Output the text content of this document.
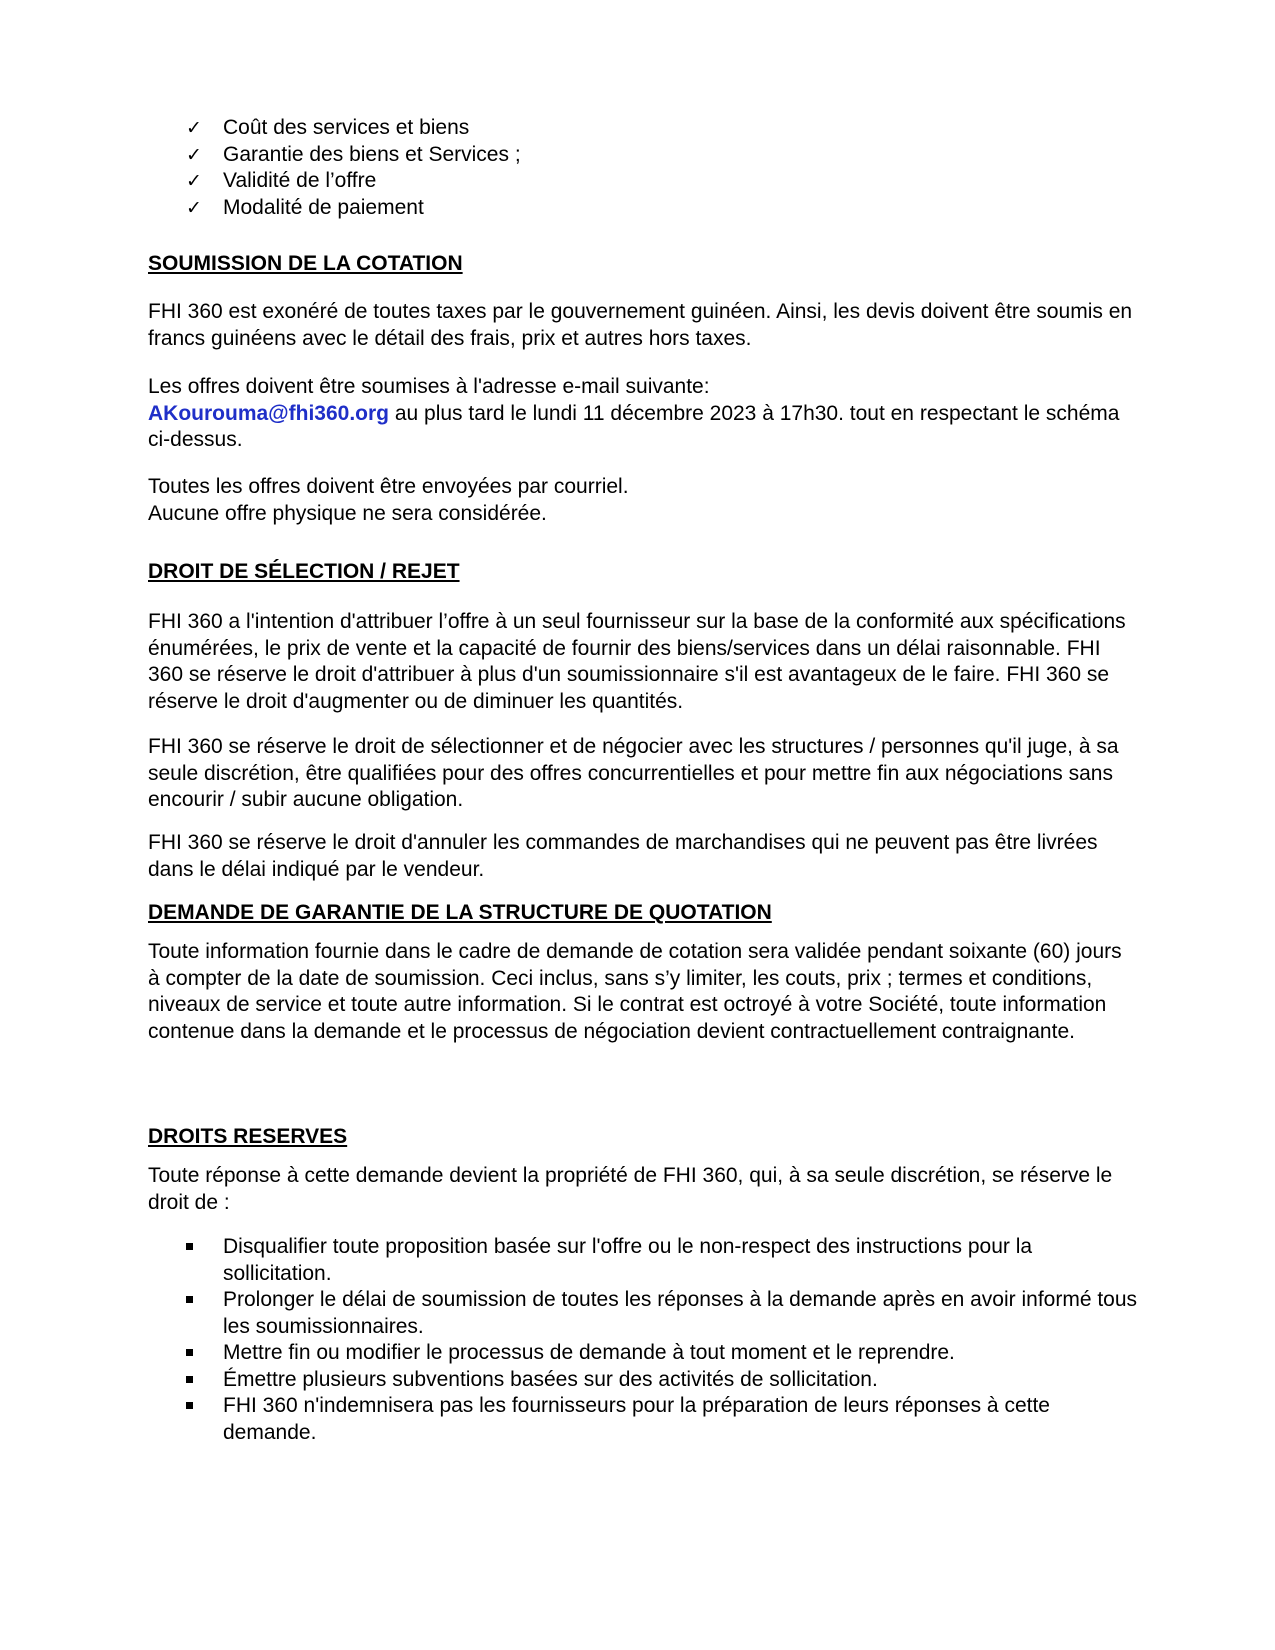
✓ Coût des services et biens
✓ Garantie des biens et Services ;
✓ Validité de l’offre
✓ Modalité de paiement
SOUMISSION DE LA COTATION
FHI 360 est exonéré de toutes taxes par le gouvernement guinéen. Ainsi, les devis doivent être soumis en francs guinéens avec le détail des frais, prix et autres hors taxes.

Les offres doivent être soumises à l'adresse e-mail suivante:

AKourouma@fhi360.org au plus tard le lundi 11 décembre 2023 à 17h30. tout en respectant le schéma ci-dessus.

Toutes les offres doivent être envoyées par courriel.

Aucune offre physique ne sera considérée.

DROIT DE SÉLECTION / REJET
FHI 360 a l'intention d'attribuer l’offre à un seul fournisseur sur la base de la conformité aux spécifications énumérées, le prix de vente et la capacité de fournir des biens/services dans un délai raisonnable. FHI 360 se réserve le droit d'attribuer à plus d'un soumissionnaire s'il est avantageux de le faire. FHI 360 se réserve le droit d'augmenter ou de diminuer les quantités.
FHI 360 se réserve le droit de sélectionner et de négocier avec les structures / personnes qu'il juge, à sa seule discrétion, être qualifiées pour des offres concurrentielles et pour mettre fin aux négociations sans encourir / subir aucune obligation.
FHI 360 se réserve le droit d'annuler les commandes de marchandises qui ne peuvent pas être livrées dans le délai indiqué par le vendeur.
DEMANDE DE GARANTIE DE LA STRUCTURE DE QUOTATION
Toute information fournie dans le cadre de demande de cotation sera validée pendant soixante (60) jours à compter de la date de soumission. Ceci inclus, sans s’y limiter, les couts, prix ; termes et conditions, niveaux de service et toute autre information. Si le contrat est octroyé à votre Société, toute information contenue dans la demande et le processus de négociation devient contractuellement contraignante.
DROITS RESERVES
Toute réponse à cette demande devient la propriété de FHI 360, qui, à sa seule discrétion, se réserve le droit de :
Disqualifier toute proposition basée sur l'offre ou le non-respect des instructions pour la sollicitation.
Prolonger le délai de soumission de toutes les réponses à la demande après en avoir informé tous les soumissionnaires.
Mettre fin ou modifier le processus de demande à tout moment et le reprendre.
Émettre plusieurs subventions basées sur des activités de sollicitation.
FHI 360 n'indemnisera pas les fournisseurs pour la préparation de leurs réponses à cette demande.
